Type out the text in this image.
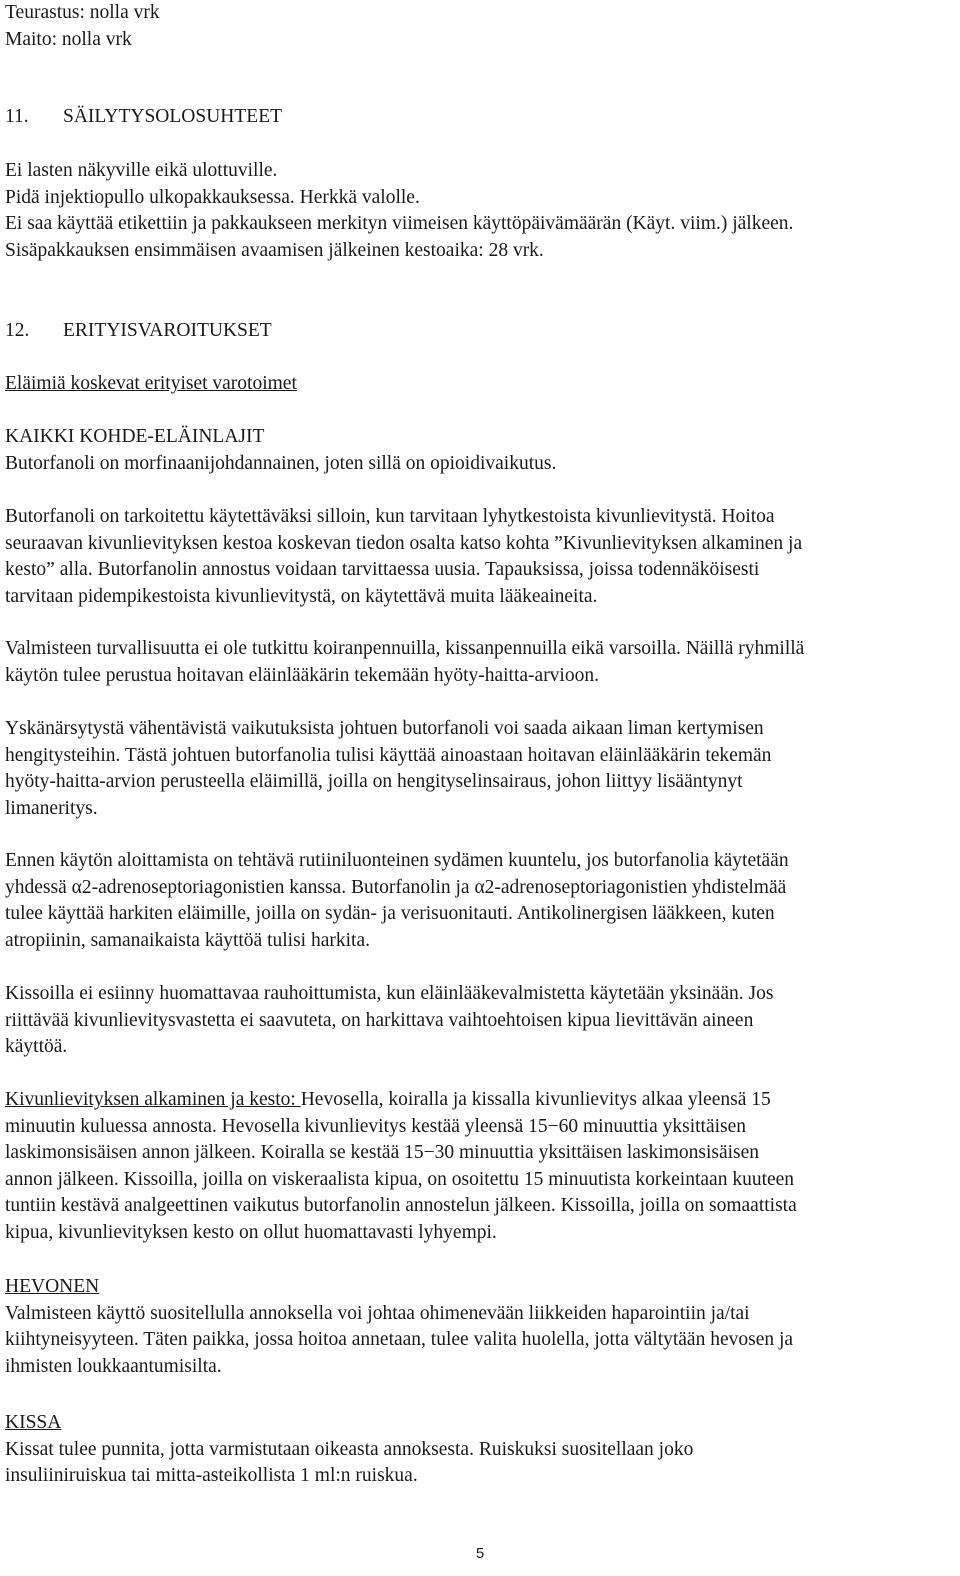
Teurastus: nolla vrk
Maito: nolla vrk
11. SÄILYTYSOLOSUHTEET
Ei lasten näkyville eikä ulottuville.
Pidä injektiopullo ulkopakkauksessa. Herkkä valolle.
Ei saa käyttää etikettiin ja pakkaukseen merkityn viimeisen käyttöpäivämäärän (Käyt. viim.) jälkeen.
Sisäpakkauksen ensimmäisen avaamisen jälkeinen kestoaika: 28 vrk.
12. ERITYISVAROITUKSET
Eläimiä koskevat erityiset varotoimet
KAIKKI KOHDE-ELÄINLAJIT
Butorfanoli on morfinaanijohdannainen, joten sillä on opioidivaikutus.
Butorfanoli on tarkoitettu käytettäväksi silloin, kun tarvitaan lyhytkestoista kivunlievitystä. Hoitoa
seuraavan kivunlievityksen kestoa koskevan tiedon osalta katso kohta ”Kivunlievityksen alkaminen ja
kesto” alla. Butorfanolin annostus voidaan tarvittaessa uusia. Tapauksissa, joissa todennäköisesti
tarvitaan pidempikestoista kivunlievitystä, on käytettävä muita lääkeaineita.
Valmisteen turvallisuutta ei ole tutkittu koiranpennuilla, kissanpennuilla eikä varsoilla. Näillä ryhmillä
käytön tulee perustua hoitavan eläinlääkärin tekemään hyöty-haitta-arvioon.
Yskänärsytystä vähentävistä vaikutuksista johtuen butorfanoli voi saada aikaan liman kertymisen
hengitysteihin. Tästä johtuen butorfanolia tulisi käyttää ainoastaan hoitavan eläinlääkärin tekemän
hyöty-haitta-arvion perusteella eläimillä, joilla on hengityselinsairaus, johon liittyy lisääntynyt
limaneritys.
Ennen käytön aloittamista on tehtävä rutiiniluonteinen sydämen kuuntelu, jos butorfanolia käytetään
yhdessä α2-adrenoseptoriagonistien kanssa. Butorfanolin ja α2-adrenoseptoriagonistien yhdistelmää
tulee käyttää harkiten eläimille, joilla on sydän- ja verisuonitauti. Antikolinergisen lääkkeen, kuten
atropiinin, samanaikaista käyttöä tulisi harkita.
Kissoilla ei esiinny huomattavaa rauhoittumista, kun eläinlääkevalmistetta käytetään yksinään. Jos
riittävää kivunlievitysvastetta ei saavuteta, on harkittava vaihtoehtoisen kipua lievittävän aineen
käyttöä.
Kivunlievityksen alkaminen ja kesto: Hevosella, koiralla ja kissalla kivunlievitys alkaa yleensä 15
minuutin kuluessa annosta. Hevosella kivunlievitys kestää yleensä 15−60 minuuttia yksittäisen
laskimonsisäisen annon jälkeen. Koiralla se kestää 15−30 minuuttia yksittäisen laskimonsisäisen
annon jälkeen. Kissoilla, joilla on viskeraalista kipua, on osoitettu 15 minuutista korkeintaan kuuteen
tuntiin kestävä analgeettinen vaikutus butorfanolin annostelun jälkeen. Kissoilla, joilla on somaattista
kipua, kivunlievityksen kesto on ollut huomattavasti lyhyempi.
HEVONEN
Valmisteen käyttö suositellulla annoksella voi johtaa ohimenevään liikkeiden haparointiin ja/tai
kiihtyneisyyteen. Täten paikka, jossa hoitoa annetaan, tulee valita huolella, jotta vältytään hevosen ja
ihmisten loukkaantumisilta.
KISSA
Kissat tulee punnita, jotta varmistutaan oikeasta annoksesta. Ruiskuksi suositellaan joko
insuliiniruiskua tai mitta-asteikollista 1 ml:n ruiskua.
5
